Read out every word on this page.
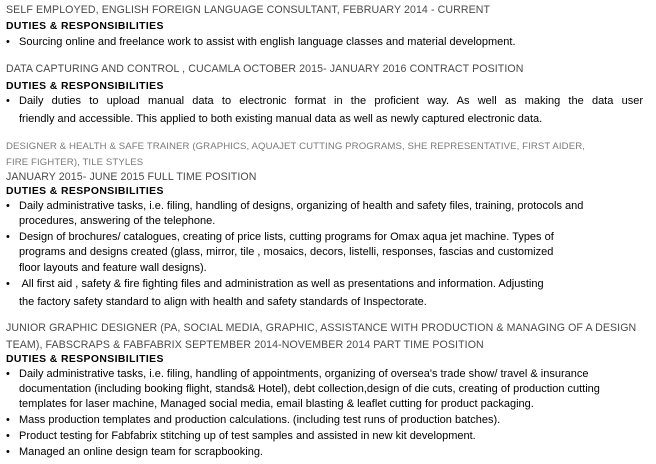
SELF EMPLOYED, ENGLISH FOREIGN LANGUAGE CONSULTANT, FEBRUARY 2014 - CURRENT
DUTIES & RESPONSIBILITIES
• Sourcing online and freelance work to assist with english language classes and material development.
DATA CAPTURING AND CONTROL , CUCAMLA OCTOBER 2015- JANUARY 2016 CONTRACT POSITION
DUTIES & RESPONSIBILITIES
• Daily duties to upload manual data to electronic format in the proficient way. As well as making the data user
friendly and accessible. This applied to both existing manual data as well as newly captured electronic data.
DESIGNER & HEALTH & SAFE TRAINER (GRAPHICS, AQUAJET CUTTING PROGRAMS, SHE REPRESENTATIVE, FIRST AIDER,
FIRE FIGHTER), TILE STYLES
JANUARY 2015- JUNE 2015 FULL TIME POSITION
DUTIES & RESPONSIBILITIES
• Daily administrative tasks, i.e. filing, handling of designs, organizing of health and safety files, training, protocols and
procedures, answering of the telephone.
• Design of brochures/ catalogues, creating of price lists, cutting programs for Omax aqua jet machine. Types of
programs and designs created (glass, mirror, tile , mosaics, decors, listelli, responses, fascias and customized
floor layouts and feature wall designs).
• All first aid , safety & fire fighting files and administration as well as presentations and information. Adjusting
the factory safety standard to align with health and safety standards of Inspectorate.
JUNIOR GRAPHIC DESIGNER (PA, SOCIAL MEDIA, GRAPHIC, ASSISTANCE WITH PRODUCTION & MANAGING OF A DESIGN
TEAM), FABSCRAPS & FABFABRIX SEPTEMBER 2014-NOVEMBER 2014 PART TIME POSITION
DUTIES & RESPONSIBILITIES
• Daily administrative tasks, i.e. filing, handling of appointments, organizing of oversea's trade show/ travel & insurance
documentation (including booking flight, stands& Hotel), debt collection,design of die cuts, creating of production cutting
templates for laser machine, Managed social media, email blasting & leaflet cutting for product packaging.
• Mass production templates and production calculations. (including test runs of production batches).
• Product testing for Fabfabrix stitching up of test samples and assisted in new kit development.
• Managed an online design team for scrapbooking.
